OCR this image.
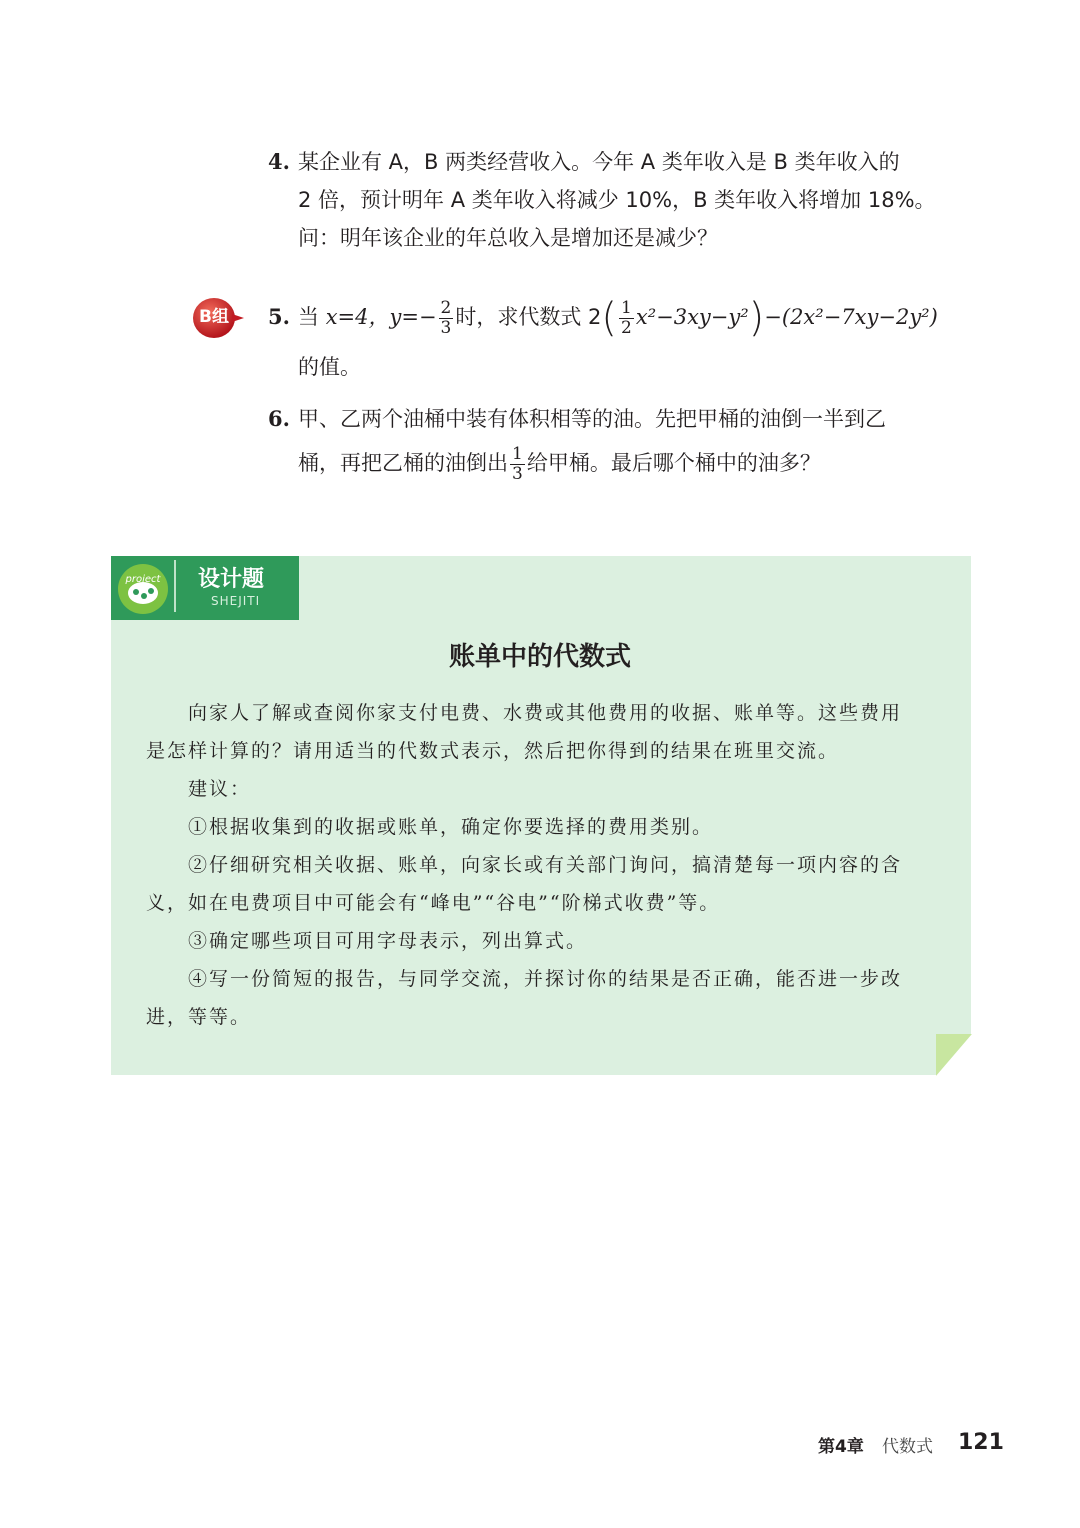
4. 某企业有 A，B 两类经营收入。今年 A 类年收入是 B 类年收入的
2 倍，预计明年 A 类年收入将减少 10%，B 类年收入将增加 18%。
问：明年该企业的年总收入是增加还是减少？
B组 5. 当 x=4，$y=- \frac{2}{3}$ 时，求代数式 $2( \frac{1}{2} x^2-3xy-y^2)-(2x^2-7xy-2y^2)$
的值。
6. 甲、乙两个油桶中装有体积相等的油。先把甲桶的油倒一半到乙
桶，再把乙桶的油倒出 $\frac{1}{3}$ 给甲桶。最后哪个桶中的油多？
project 设计题
SHEJITI
账单中的代数式
向家人了解或查阅你家支付电费、水费或其他费用的收据、账单等。这些费用
是怎样计算的？请用适当的代数式表示，然后把你得到的结果在班里交流。
建议：
①根据收集到的收据或账单，确定你要选择的费用类别。
②仔细研究相关收据、账单，向家长或有关部门询问，搞清楚每一项内容的含
义，如在电费项目中可能会有“峰电”“谷电”“阶梯式收费”等。
③确定哪些项目可用字母表示，列出算式。
④写一份简短的报告，与同学交流，并探讨你的结果是否正确，能否进一步改
进，等等。
第4章 代数式 121
